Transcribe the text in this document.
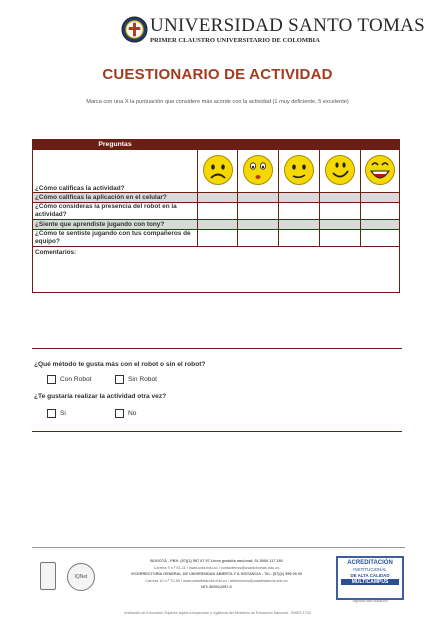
UNIVERSIDAD SANTO TOMAS
PRIMER CLAUSTRO UNIVERSITARIO DE COLOMBIA
CUESTIONARIO DE ACTIVIDAD
Marca con una X la puntuación que considere más acorde con la actividad (1 muy deficiente, 5 excelente)
Preguntas					
¿Cómo calificas la actividad?					
¿Cómo calificas la aplicación en el celular?					
¿Cómo consideras la presencia del robot en la actividad?					
¿Siente que aprendiste jugando con tony?					
¿Cómo te sentiste jugando con tus compañeros de equipo?					
Comentarios:					
¿Qué método te gusta más con el robot o sin el robot?
Con Robot	Sin Robot
¿Te gustaría realizar la actividad otra vez?
Si	No
IQNet
BOGOTÁ - PBX: (57)(1) 587 87 97 Línea gratuita nacional: 01 8000 117 180
Carrera 9 n.º 51-11 / www.usta.edu.co / contactenos@usantotomas.edu.co
VICERRECTORÍA GENERAL DE UNIVERSIDAD ABIERTA Y A DISTANCIA - Tel.: (57)(1) 595 00 00
Carrera 10 n.º 72-50 / www.ustadistancia.edu.co / admisiones@ustadistancia.edu.co
NIT: 860012357-6
ACREDITACIÓN
INSTITUCIONAL
DE ALTA CALIDAD
MULTICAMPUS
Vigilada MinEducación
Institución de Educación Superior sujeta a inspección y vigilancia del Ministerio de Educación Nacional - SNIES 1704
